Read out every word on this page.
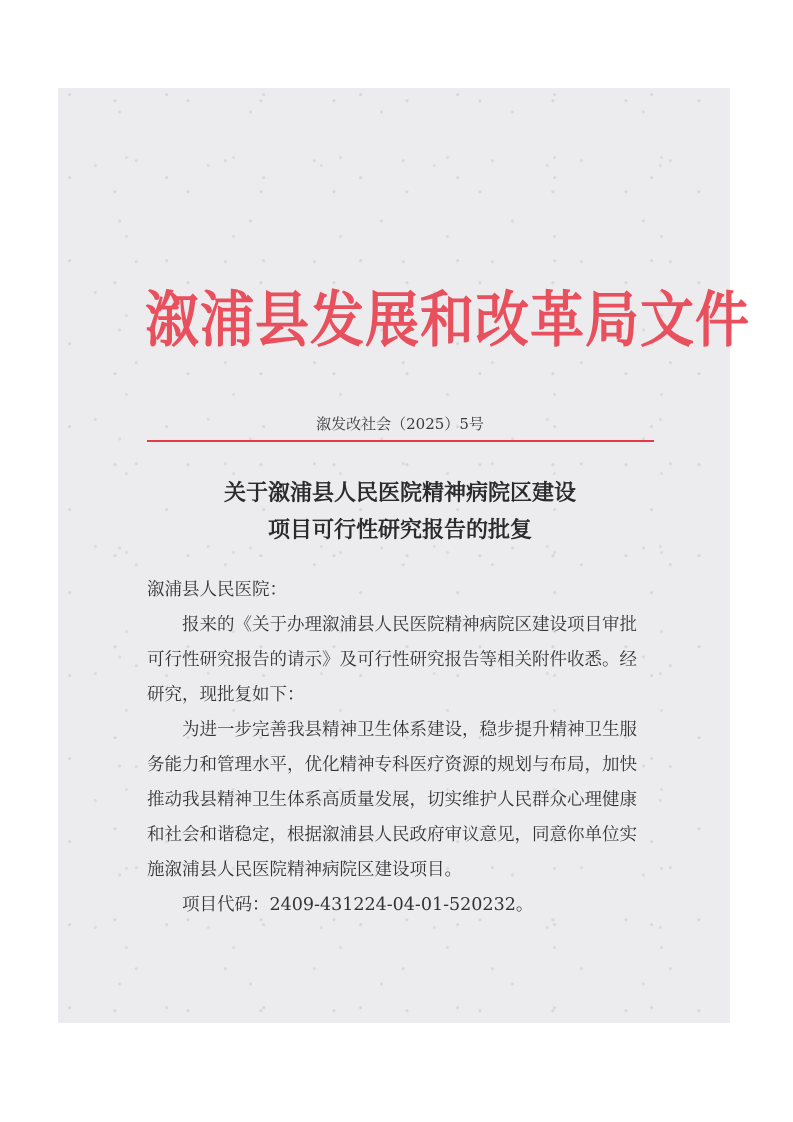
溆浦县发展和改革局文件
溆发改社会（2025）5号
关于溆浦县人民医院精神病院区建设
项目可行性研究报告的批复
溆浦县人民医院：
　　报来的《关于办理溆浦县人民医院精神病院区建设项目审批
可行性研究报告的请示》及可行性研究报告等相关附件收悉。经
研究，现批复如下：
　　为进一步完善我县精神卫生体系建设，稳步提升精神卫生服
务能力和管理水平，优化精神专科医疗资源的规划与布局，加快
推动我县精神卫生体系高质量发展，切实维护人民群众心理健康
和社会和谐稳定，根据溆浦县人民政府审议意见，同意你单位实
施溆浦县人民医院精神病院区建设项目。
　　项目代码：2409-431224-04-01-520232。
